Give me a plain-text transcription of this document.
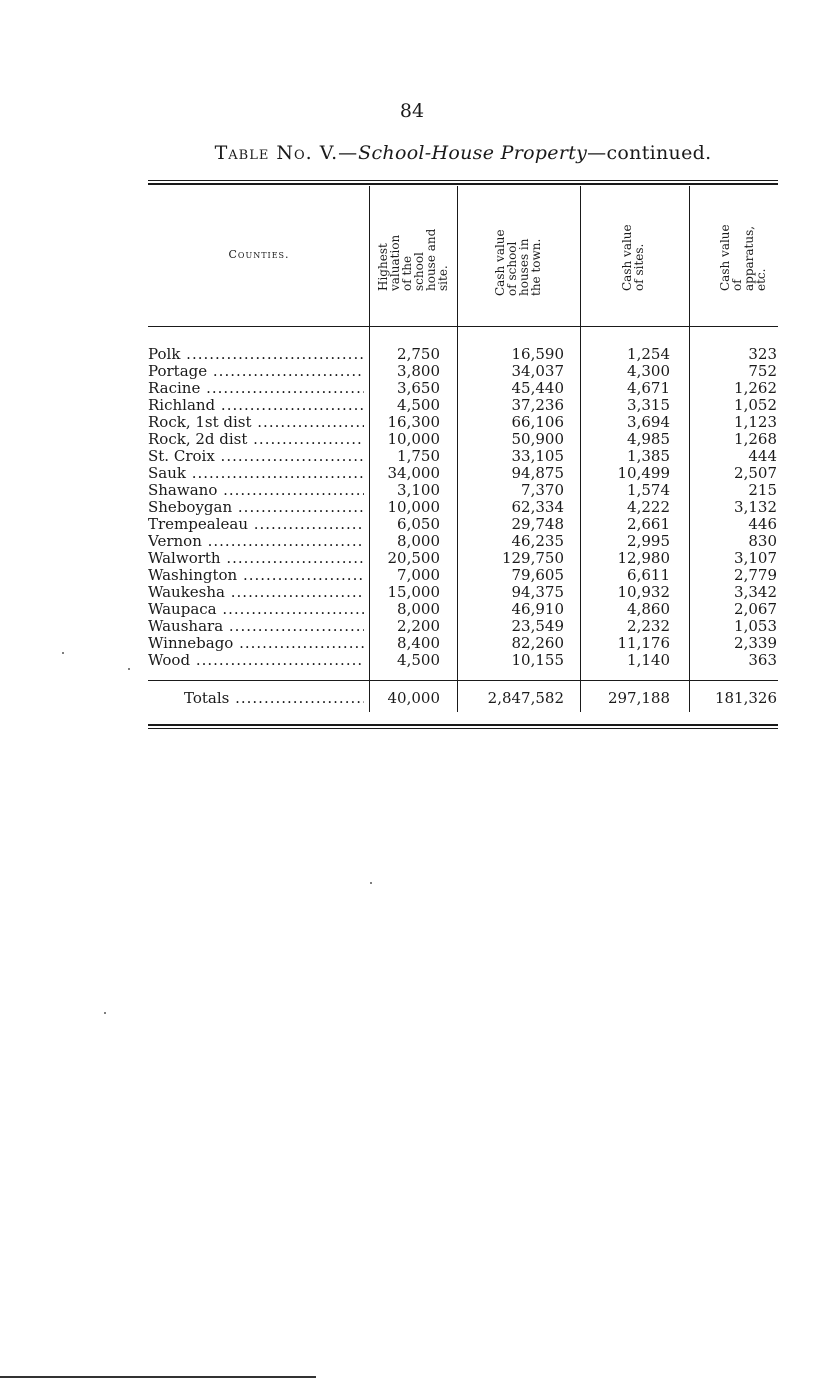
84
Table No. V.—School-House Property—continued.
Counties.	Highest valuation of the school house and site.	Cash value of school houses in the town.	Cash value of sites.	Cash value of apparatus, etc.
Polk .....	2,750	16,590	1,254	323
Portage .....	3,800	34,037	4,300	752
Racine .....	3,650	45,440	4,671	1,262
Richland .....	4,500	37,236	3,315	1,052
Rock, 1st dist .....	16,300	66,106	3,694	1,123
Rock, 2d dist .....	10,000	50,900	4,985	1,268
St. Croix .....	1,750	33,105	1,385	444
Sauk .....	34,000	94,875	10,499	2,507
Shawano .....	3,100	7,370	1,574	215
Sheboygan .....	10,000	62,334	4,222	3,132
Trempealeau .....	6,050	29,748	2,661	446
Vernon .....	8,000	46,235	2,995	830
Walworth .....	20,500	129,750	12,980	3,107
Washington .....	7,000	79,605	6,611	2,779
Waukesha .....	15,000	94,375	10,932	3,342
Waupaca .....	8,000	46,910	4,860	2,067
Waushara .....	2,200	23,549	2,232	1,053
Winnebago .....	8,400	82,260	11,176	2,339
Wood .....	4,500	10,155	1,140	363
Totals .....	40,000	2,847,582	297,188	181,326
